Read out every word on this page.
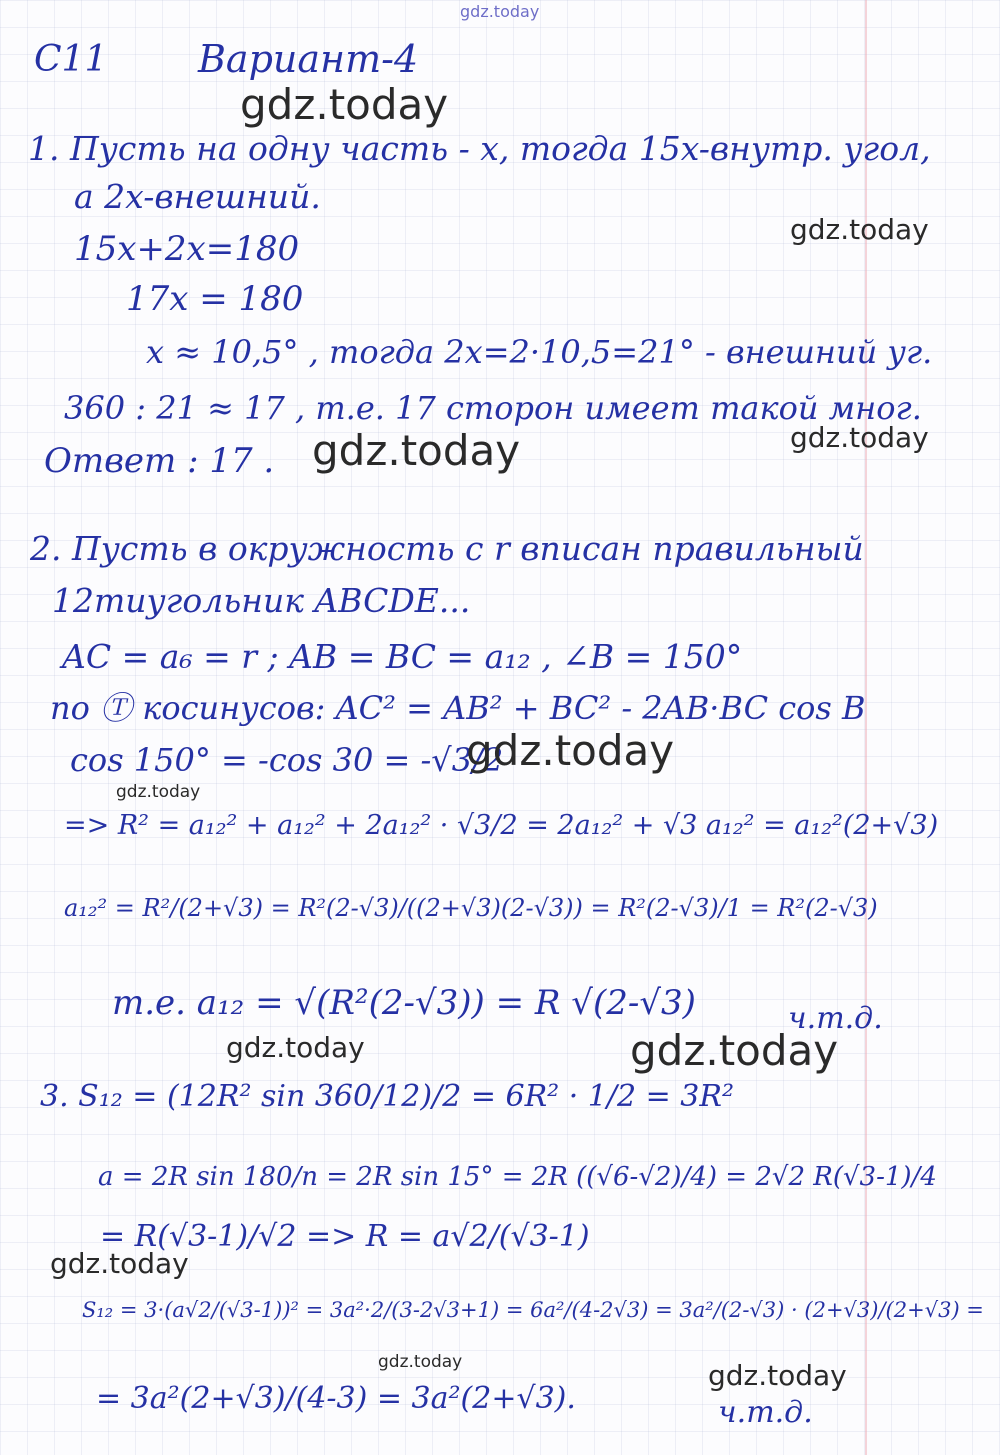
C11 Вариант-4

1. Пусть на одну часть - x, тогда 15x-внутр. угол,

а 2x-внешний.

15x+2x=180

17x = 180

x ≈ 10,5° , тогда 2x=2·10,5=21° - внешний уг.

360 : 21 ≈ 17 , т.е. 17 сторон имеет такой мног.

Ответ : 17 .

2. Пусть в окружность с r вписан правильный

12тиугольник ABCDE...

AC = a₆ = r ; AB = BC = a₁₂ , ∠B = 150°

по Ⓣ косинусов: AC² = AB² + BC² - 2AB·BC cos B

cos 150° = -cos 30 = -√3/2

=> R² = a₁₂² + a₁₂² + 2a₁₂² · √3/2 = 2a₁₂² + √3 a₁₂² = a₁₂²(2+√3)

a₁₂² = R²/(2+√3) = R²(2-√3)/((2+√3)(2-√3)) = R²(2-√3)/1 = R²(2-√3)

т.е. a₁₂ = √(R²(2-√3)) = R √(2-√3)	ч.т.д.

3. S₁₂ = (12R² sin 360/12)/2 = 6R² · 1/2 = 3R²

a = 2R sin 180/n = 2R sin 15° = 2R ((√6-√2)/4) = 2√2 R(√3-1)/4

= R(√3-1)/√2 => R = a√2/(√3-1)

S₁₂ = 3·(a√2/(√3-1))² = 3a²·2/(3-2√3+1) = 6a²/(4-2√3) = 3a²/(2-√3) · (2+√3)/(2+√3) =

= 3a²(2+√3)/(4-3) = 3a²(2+√3).	ч.т.д.

gdz.today

gdz.today

gdz.today

gdz.today	gdz.today

gdz.today

gdz.today

gdz.today	gdz.today

gdz.today

gdz.today	gdz.today
